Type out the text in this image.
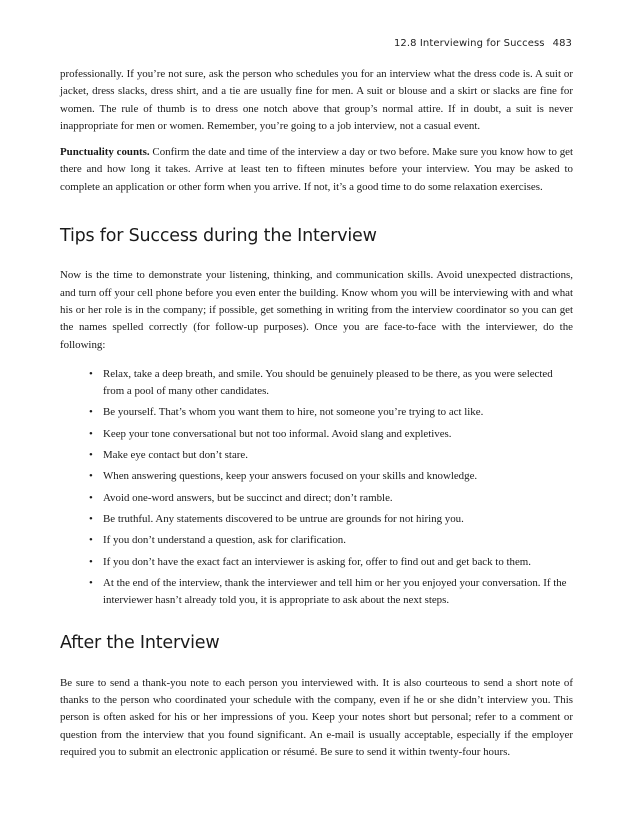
12.8 Interviewing for Success 483

professionally. If you’re not sure, ask the person who schedules you for an interview what the dress code is. A suit or jacket, dress slacks, dress shirt, and a tie are usually fine for men. A suit or blouse and a skirt or slacks are fine for women. The rule of thumb is to dress one notch above that group’s normal attire. If in doubt, a suit is never inappropriate for men or women. Remember, you’re going to a job interview, not a casual event.

Punctuality counts. Confirm the date and time of the interview a day or two before. Make sure you know how to get there and how long it takes. Arrive at least ten to fifteen minutes before your interview. You may be asked to complete an application or other form when you arrive. If not, it’s a good time to do some relaxation exercises.

Tips for Success during the Interview

Now is the time to demonstrate your listening, thinking, and communication skills. Avoid unexpected distractions, and turn off your cell phone before you even enter the building. Know whom you will be interviewing with and what his or her role is in the company; if possible, get something in writing from the interview coordinator so you can get the names spelled correctly (for follow-up purposes). Once you are face-to-face with the interviewer, do the following:

• Relax, take a deep breath, and smile. You should be genuinely pleased to be there, as you were selected from a pool of many other candidates.
• Be yourself. That’s whom you want them to hire, not someone you’re trying to act like.
• Keep your tone conversational but not too informal. Avoid slang and expletives.
• Make eye contact but don’t stare.
• When answering questions, keep your answers focused on your skills and knowledge.
• Avoid one-word answers, but be succinct and direct; don’t ramble.
• Be truthful. Any statements discovered to be untrue are grounds for not hiring you.
• If you don’t understand a question, ask for clarification.
• If you don’t have the exact fact an interviewer is asking for, offer to find out and get back to them.
• At the end of the interview, thank the interviewer and tell him or her you enjoyed your conversation. If the interviewer hasn’t already told you, it is appropriate to ask about the next steps.
After the Interview

Be sure to send a thank-you note to each person you interviewed with. It is also courteous to send a short note of thanks to the person who coordinated your schedule with the company, even if he or she didn’t interview you. This person is often asked for his or her impressions of you. Keep your notes short but personal; refer to a comment or question from the interview that you found significant. An e-mail is usually acceptable, especially if the employer required you to submit an electronic application or résumé. Be sure to send it within twenty-four hours.
